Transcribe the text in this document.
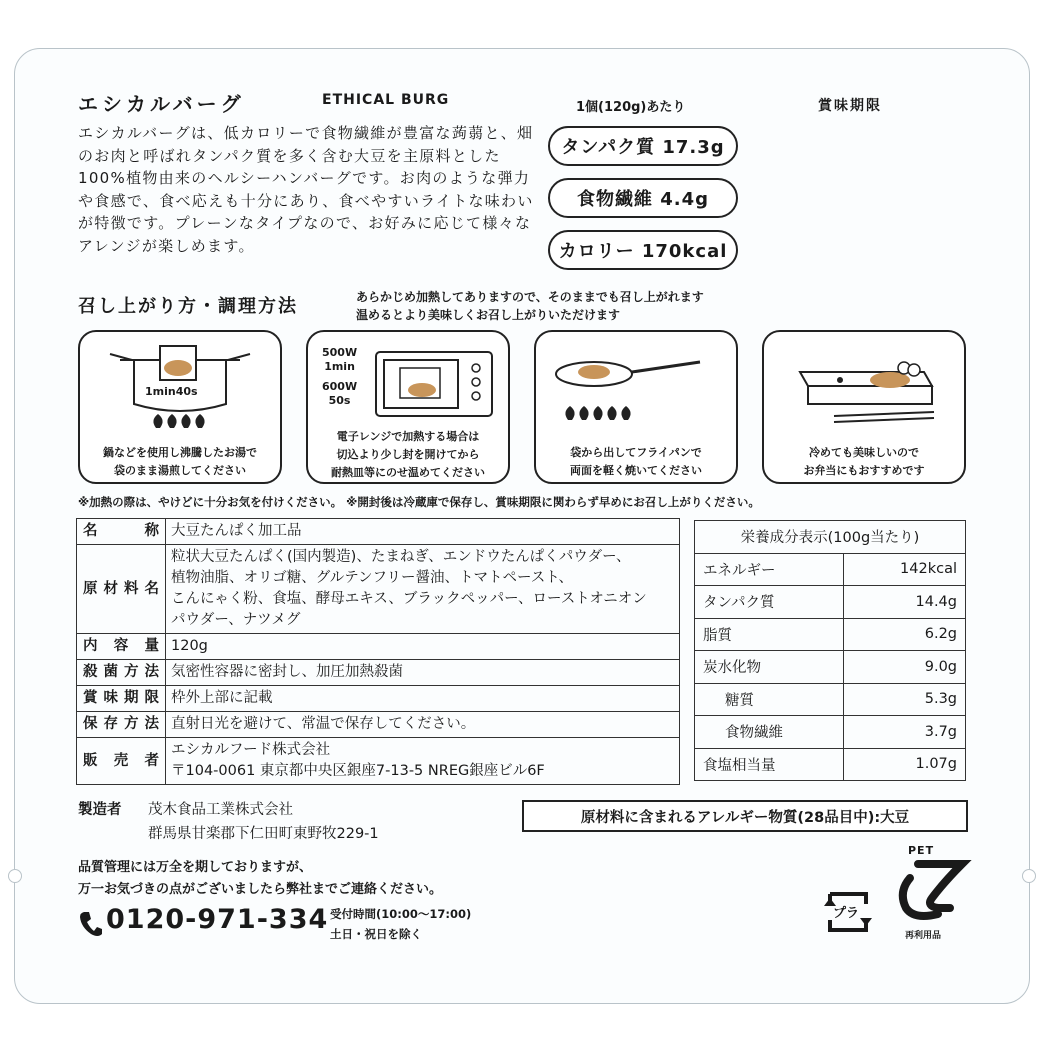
エシカルバーグ	ETHICAL BURG
エシカルバーグは、低カロリーで食物繊維が豊富な蒟蒻と、畑のお肉と呼ばれタンパク質を多く含む大豆を主原料とした100%植物由来のヘルシーハンバーグです。お肉のような弾力や食感で、食べ応えも十分にあり、食べやすいライトな味わいが特徴です。プレーンなタイプなので、お好みに応じて様々なアレンジが楽しめます。
1個(120g)あたり	賞味期限
タンパク質 17.3g
食物繊維 4.4g
カロリー 170kcal
召し上がり方・調理方法	あらかじめ加熱してありますので、そのままでも召し上がれます
温めるとより美味しくお召し上がりいただけます
1min40s
鍋などを使用し沸騰したお湯で
袋のまま湯煎してください
500W
1min
600W
50s
電子レンジで加熱する場合は
切込より少し封を開けてから
耐熱皿等にのせ温めてください
袋から出してフライパンで
両面を軽く焼いてください
冷めても美味しいので
お弁当にもおすすめです
※加熱の際は、やけどに十分お気を付けください。 ※開封後は冷蔵庫で保存し、賞味期限に関わらず早めにお召し上がりください。
名称	大豆たんぱく加工品
原材料名	粒状大豆たんぱく(国内製造)、たまねぎ、エンドウたんぱくパウダー、
植物油脂、オリゴ糖、グルテンフリー醤油、トマトペースト、
こんにゃく粉、食塩、酵母エキス、ブラックペッパー、ローストオニオン
パウダー、ナツメグ

内容量	120g
殺菌方法	気密性容器に密封し、加圧加熱殺菌
賞味期限	枠外上部に記載
保存方法	直射日光を避けて、常温で保存してください。
販売者	エシカルフード株式会社
〒104-0061 東京都中央区銀座7-13-5 NREG銀座ビル6F
栄養成分表示(100g当たり)	
エネルギー	142kcal
タンパク質	14.4g
脂質	6.2g
炭水化物	9.0g
糖質	5.3g
食物繊維	3.7g
食塩相当量	1.07g
製造者 茂木食品工業株式会社
群馬県甘楽郡下仁田町東野牧229-1
原材料に含まれるアレルギー物質(28品目中):大豆
品質管理には万全を期しておりますが、
万一お気づきの点がございましたら弊社までご連絡ください。
0120-971-334 受付時間(10:00〜17:00)
土日・祝日を除く
プラ
PET
再利用品
